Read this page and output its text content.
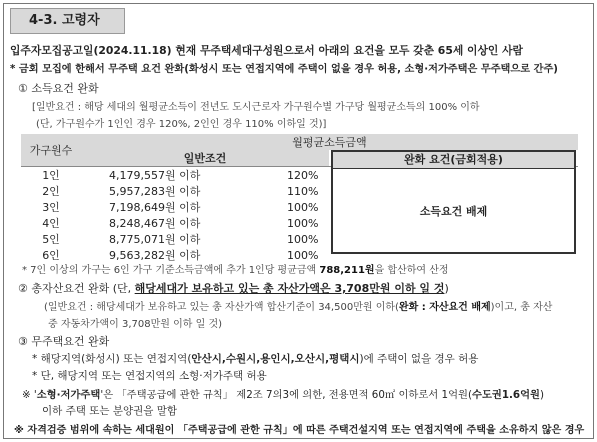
4-3. 고령자
입주자모집공고일(2024.11.18) 현재 무주택세대구성원으로서 아래의 요건을 모두 갖춘 65세 이상인 사람
* 금회 모집에 한해서 무주택 요건 완화(화성시 또는 연접지역에 주택이 없을 경우 허용, 소형·저가주택은 무주택으로 간주)
① 소득요건 완화
[일반요건 : 해당 세대의 월평균소득이 전년도 도시근로자 가구원수별 가구당 월평균소득의 100% 이하
(단, 가구원수가 1인인 경우 120%, 2인인 경우 110% 이하일 것)]
가구원수	월평균소득금액		
	일반조건		
1인	4,179,557원 이하	120%	
2인	5,957,283원 이하	110%	
3인	7,198,649원 이하	100%	
4인	8,248,467원 이하	100%	
5인	8,775,071원 이하	100%	
6인	9,563,282원 이하	100%	
완화 요건(금회적용)
소득요건 배제
* 7인 이상의 가구는 6인 가구 기준소득금액에 추가 1인당 평균금액 788,211원을 합산하여 산정
② 총자산요건 완화 (단, 해당세대가 보유하고 있는 총 자산가액은 3,708만원 이하 일 것)
(일반요건 : 해당세대가 보유하고 있는 총 자산가액 합산기준이 34,500만원 이하(완화 : 자산요건 배제)이고, 총 자산
중 자동차가액이 3,708만원 이하 일 것)
③ 무주택요건 완화
* 해당지역(화성시) 또는 연접지역(안산시,수원시,용인시,오산시,평택시)에 주택이 없을 경우 허용
* 단, 해당지역 또는 연접지역의 소형·저가주택 허용
※ '소형·저가주택'은 「주택공급에 관한 규칙」 제2조 7의3에 의한, 전용면적 60㎡ 이하로서 1억원(수도권1.6억원)
이하 주택 또는 분양권을 말함
※ 자격검증 범위에 속하는 세대원이 「주택공급에 관한 규칙」에 따른 주택건설지역 또는 연접지역에 주택을 소유하지 않은 경우
